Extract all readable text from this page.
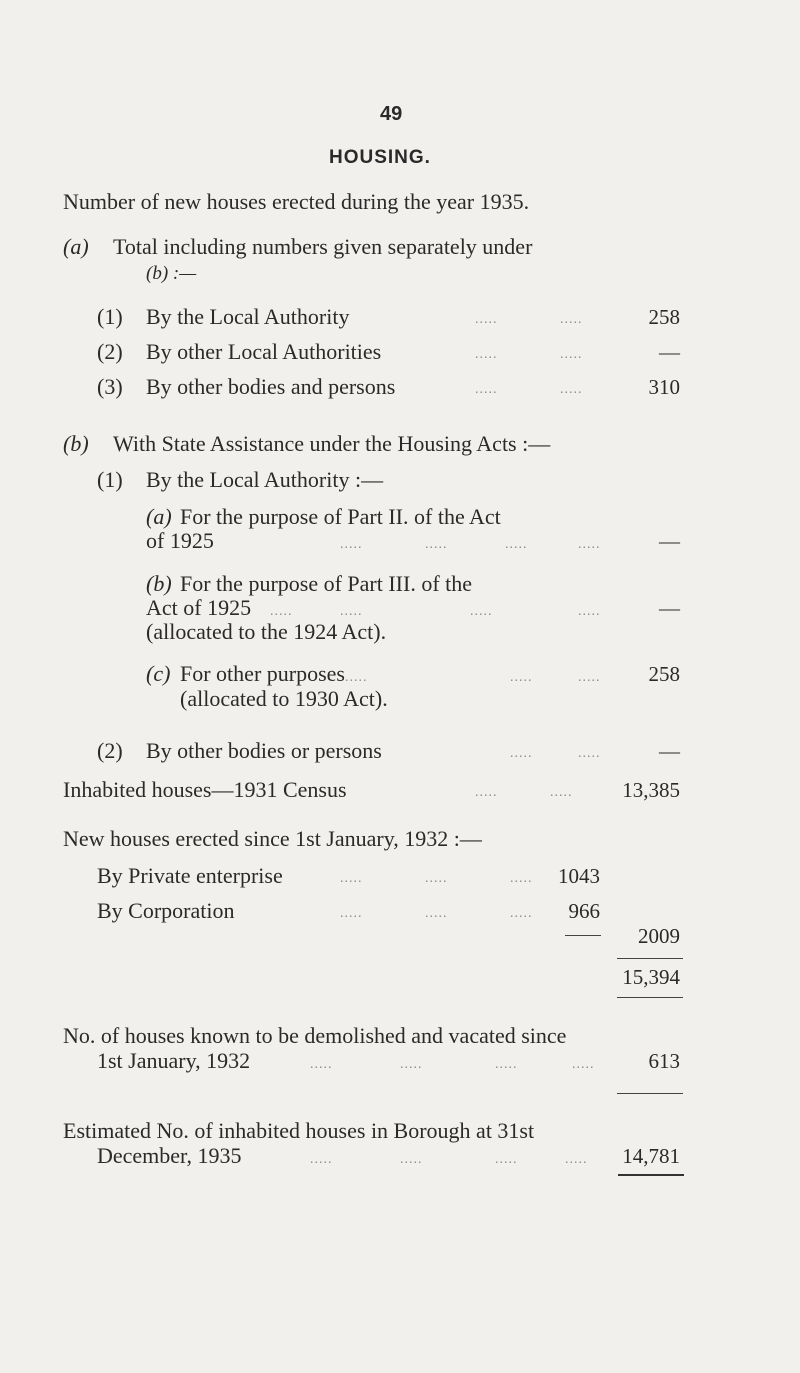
49
HOUSING.
Number of new houses erected during the year 1935.
(a) Total including numbers given separately under
(b) :—
(1) By the Local Authority	.....	.....	258
(2) By other Local Authorities	.....	.....	—
(3) By other bodies and persons	.....	.....	310
(b) With State Assistance under the Housing Acts :—
(1) By the Local Authority :—
(a) For the purpose of Part II. of the Act
of 1925	.....	.....	.....	.....	—
(b) For the purpose of Part III. of the
Act of 1925 .....	.....	.....	.....	—
(allocated to the 1924 Act).
(c) For other purposes .....	.....	.....	258
(allocated to 1930 Act).
(2) By other bodies or persons	.....	.....	—
Inhabited houses—1931 Census	.....	.....	13,385
New houses erected since 1st January, 1932 :—
By Private enterprise	.....	.....	.....	1043
By Corporation	.....	.....	.....	966
2009
15,394
No. of houses known to be demolished and vacated since
1st January, 1932	.....	.....	.....	.....	613
Estimated No. of inhabited houses in Borough at 31st
December, 1935	.....	.....	.....	.....	14,781
